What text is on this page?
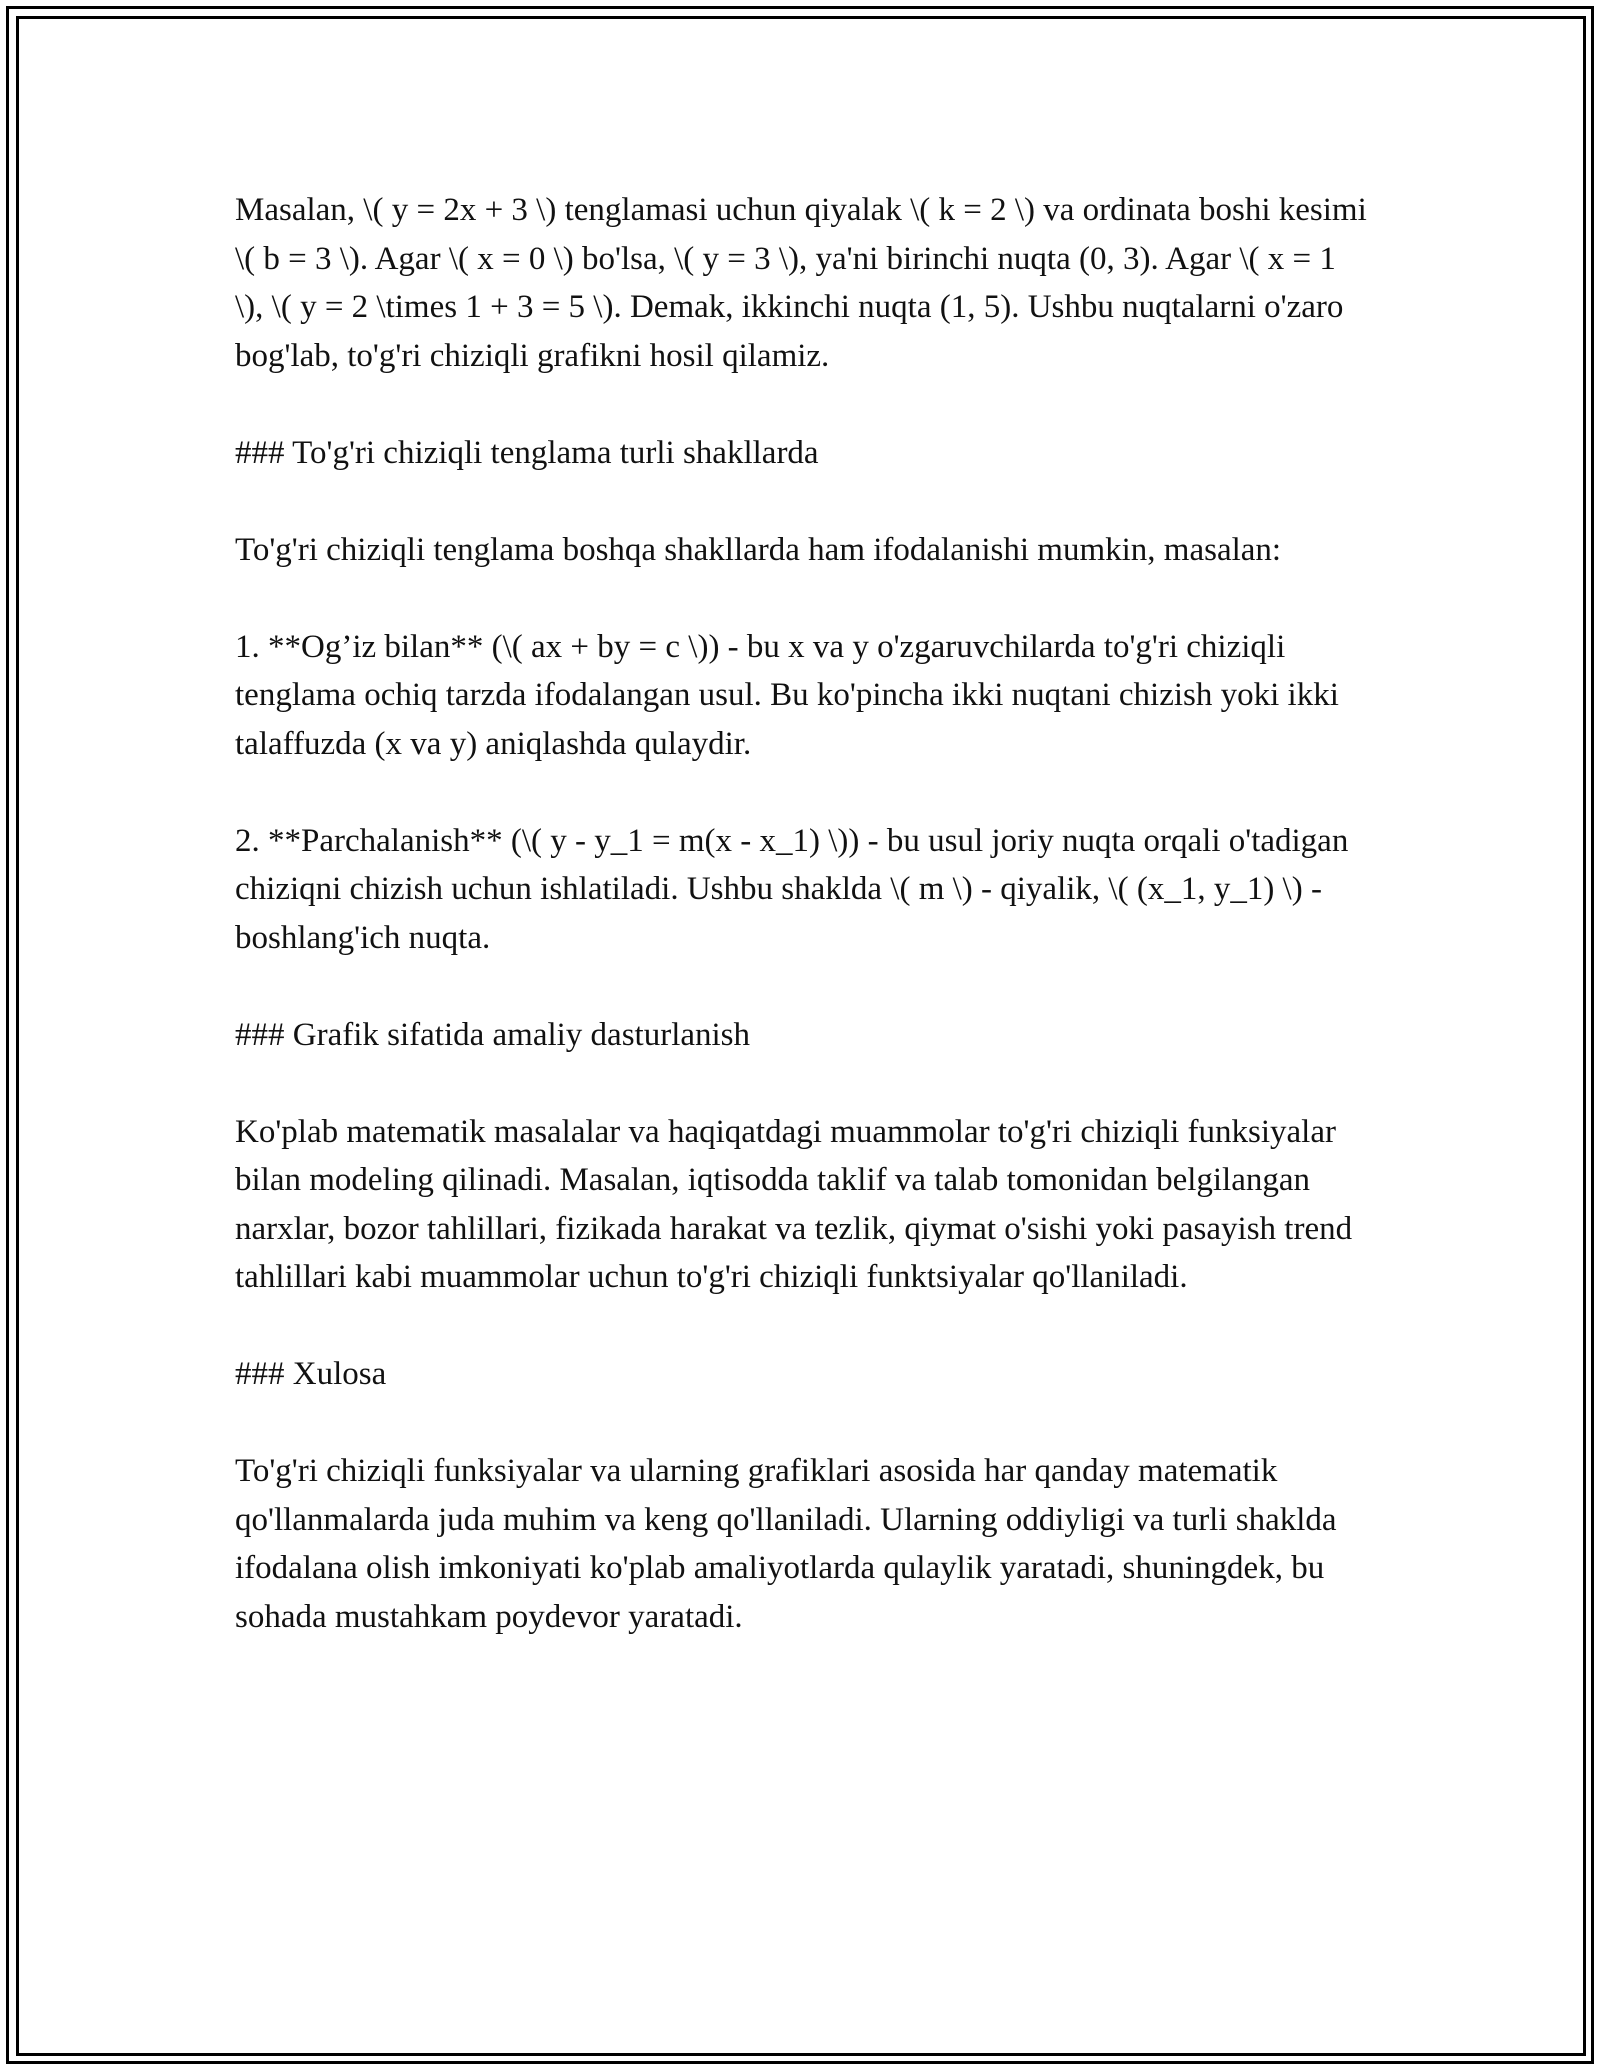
Masalan, \( y = 2x + 3 \) tenglamasi uchun qiyalak \( k = 2 \) va ordinata boshi kesimi \( b = 3 \). Agar \( x = 0 \) bo'lsa, \( y = 3 \), ya'ni birinchi nuqta (0, 3). Agar \( x = 1 \), \( y = 2 \times 1 + 3 = 5 \). Demak, ikkinchi nuqta (1, 5). Ushbu nuqtalarni o'zaro bog'lab, to'g'ri chiziqli grafikni hosil qilamiz.

### To'g'ri chiziqli tenglama turli shakllarda

To'g'ri chiziqli tenglama boshqa shakllarda ham ifodalanishi mumkin, masalan:

1. **Og’iz bilan** (\( ax + by = c \)) - bu x va y o'zgaruvchilarda to'g'ri chiziqli tenglama ochiq tarzda ifodalangan usul. Bu ko'pincha ikki nuqtani chizish yoki ikki talaffuzda (x va y) aniqlashda qulaydir.

2. **Parchalanish** (\( y - y_1 = m(x - x_1) \)) - bu usul joriy nuqta orqali o'tadigan chiziqni chizish uchun ishlatiladi. Ushbu shaklda \( m \) - qiyalik, \( (x_1, y_1) \) - boshlang'ich nuqta.

### Grafik sifatida amaliy dasturlanish

Ko'plab matematik masalalar va haqiqatdagi muammolar to'g'ri chiziqli funksiyalar bilan modeling qilinadi. Masalan, iqtisodda taklif va talab tomonidan belgilangan narxlar, bozor tahlillari, fizikada harakat va tezlik, qiymat o'sishi yoki pasayish trend tahlillari kabi muammolar uchun to'g'ri chiziqli funktsiyalar qo'llaniladi.

### Xulosa

To'g'ri chiziqli funksiyalar va ularning grafiklari asosida har qanday matematik qo'llanmalarda juda muhim va keng qo'llaniladi. Ularning oddiyligi va turli shaklda ifodalana olish imkoniyati ko'plab amaliyotlarda qulaylik yaratadi, shuningdek, bu sohada mustahkam poydevor yaratadi.
